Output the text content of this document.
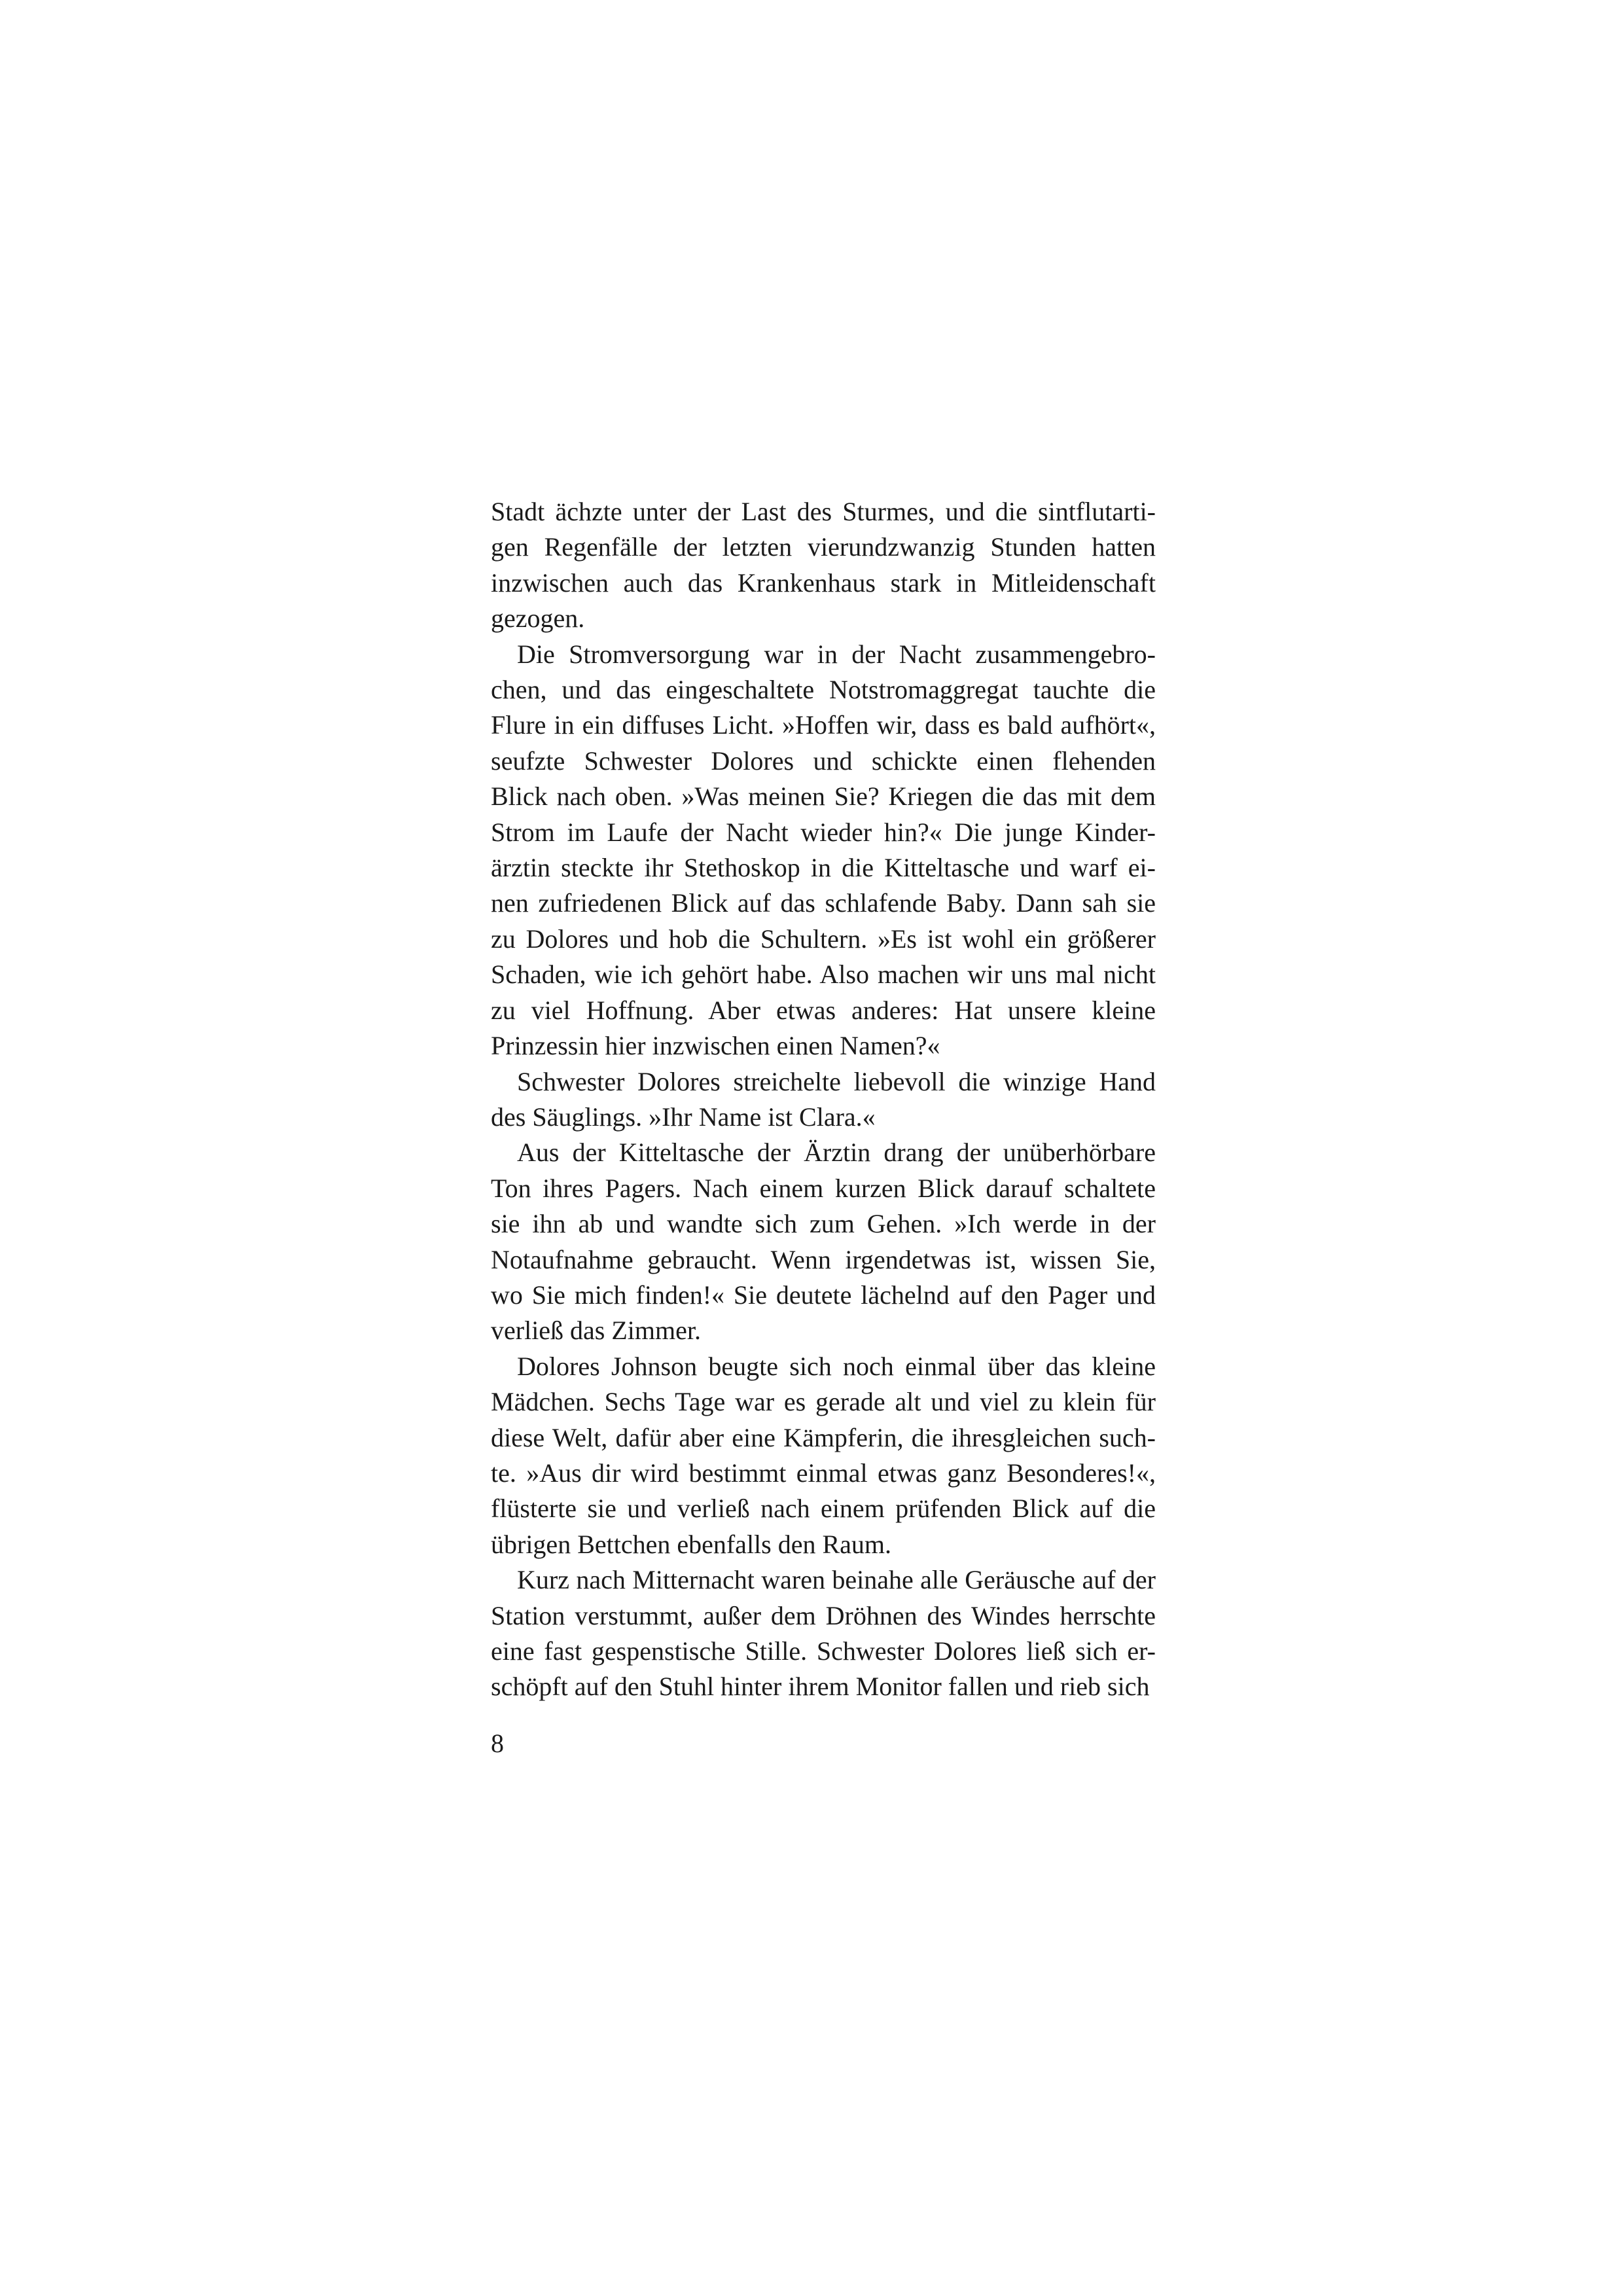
Stadt ächzte unter der Last des Sturmes, und die sintflutarti-
gen Regenfälle der letzten vierundzwanzig Stunden hatten
inzwischen auch das Krankenhaus stark in Mitleidenschaft
gezogen.

Die Stromversorgung war in der Nacht zusammengebro-
chen, und das eingeschaltete Notstromaggregat tauchte die
Flure in ein diffuses Licht. »Hoffen wir, dass es bald aufhört«,
seufzte Schwester Dolores und schickte einen flehenden
Blick nach oben. »Was meinen Sie? Kriegen die das mit dem
Strom im Laufe der Nacht wieder hin?« Die junge Kinder-
ärztin steckte ihr Stethoskop in die Kitteltasche und warf ei-
nen zufriedenen Blick auf das schlafende Baby. Dann sah sie
zu Dolores und hob die Schultern. »Es ist wohl ein größerer
Schaden, wie ich gehört habe. Also machen wir uns mal nicht
zu viel Hoffnung. Aber etwas anderes: Hat unsere kleine
Prinzessin hier inzwischen einen Namen?«

Schwester Dolores streichelte liebevoll die winzige Hand
des Säuglings. »Ihr Name ist Clara.«

Aus der Kitteltasche der Ärztin drang der unüberhörbare
Ton ihres Pagers. Nach einem kurzen Blick darauf schaltete
sie ihn ab und wandte sich zum Gehen. »Ich werde in der
Notaufnahme gebraucht. Wenn irgendetwas ist, wissen Sie,
wo Sie mich finden!« Sie deutete lächelnd auf den Pager und
verließ das Zimmer.

Dolores Johnson beugte sich noch einmal über das kleine
Mädchen. Sechs Tage war es gerade alt und viel zu klein für
diese Welt, dafür aber eine Kämpferin, die ihresgleichen such-
te. »Aus dir wird bestimmt einmal etwas ganz Besonderes!«,
flüsterte sie und verließ nach einem prüfenden Blick auf die
übrigen Bettchen ebenfalls den Raum.

Kurz nach Mitternacht waren beinahe alle Geräusche auf der
Station verstummt, außer dem Dröhnen des Windes herrschte
eine fast gespenstische Stille. Schwester Dolores ließ sich er-
schöpft auf den Stuhl hinter ihrem Monitor fallen und rieb sich

8
